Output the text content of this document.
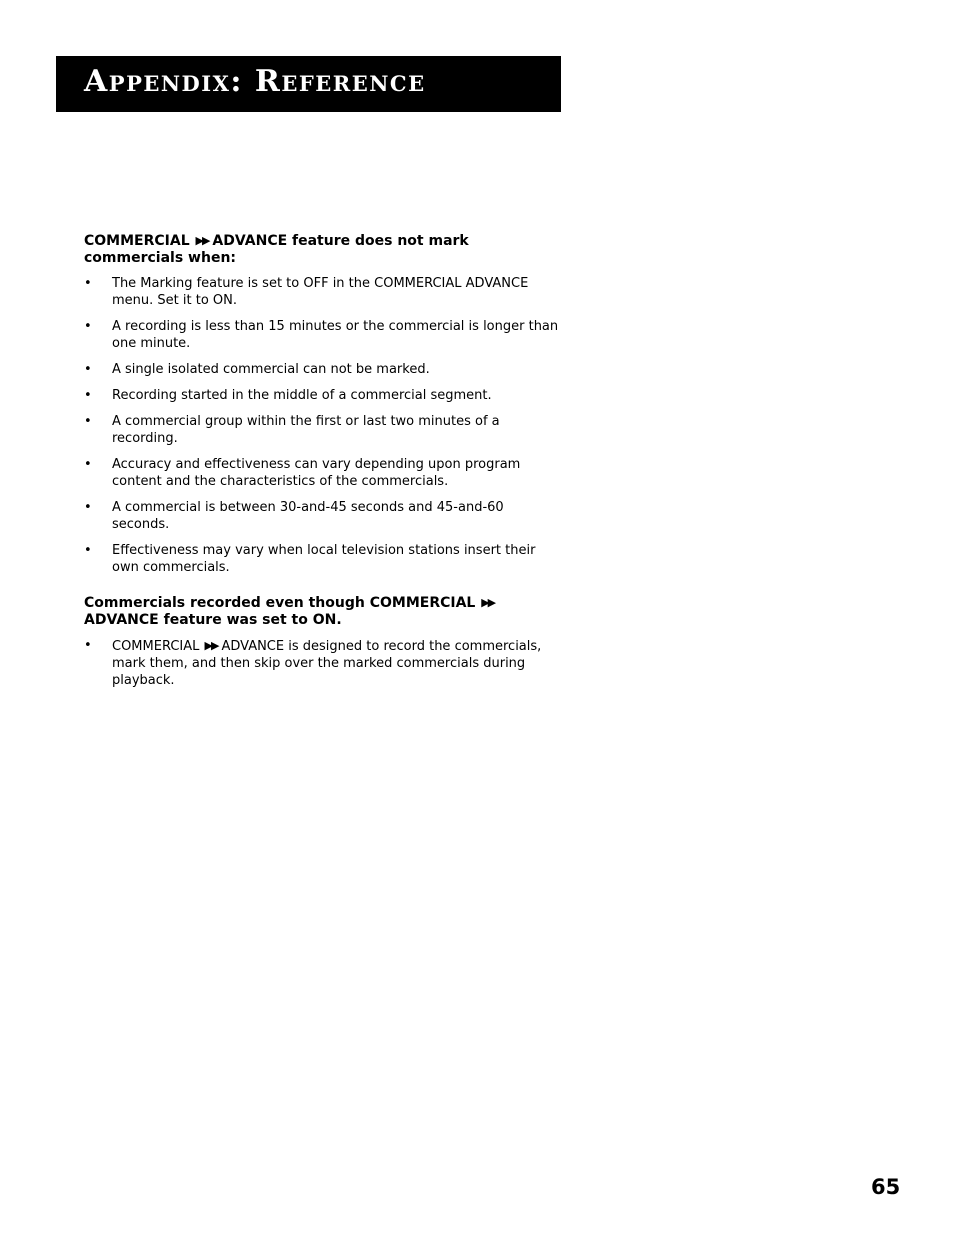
Appendix: Reference
COMMERCIAL ▶▶ ADVANCE feature does not mark commercials when:
•	The Marking feature is set to OFF in the COMMERCIAL ADVANCE menu. Set it to ON.
•	A recording is less than 15 minutes or the commercial is longer than one minute.
•	A single isolated commercial can not be marked.
•	Recording started in the middle of a commercial segment.
•	A commercial group within the first or last two minutes of a recording.
•	Accuracy and effectiveness can vary depending upon program content and the characteristics of the commercials.
•	A commercial is between 30-and-45 seconds and 45-and-60 seconds.
•	Effectiveness may vary when local television stations insert their own commercials.
Commercials recorded even though COMMERCIAL ▶▶ADVANCE feature was set to ON.
•	COMMERCIAL ▶▶ ADVANCE is designed to record the commercials, mark them, and then skip over the marked commercials during playback.
65
